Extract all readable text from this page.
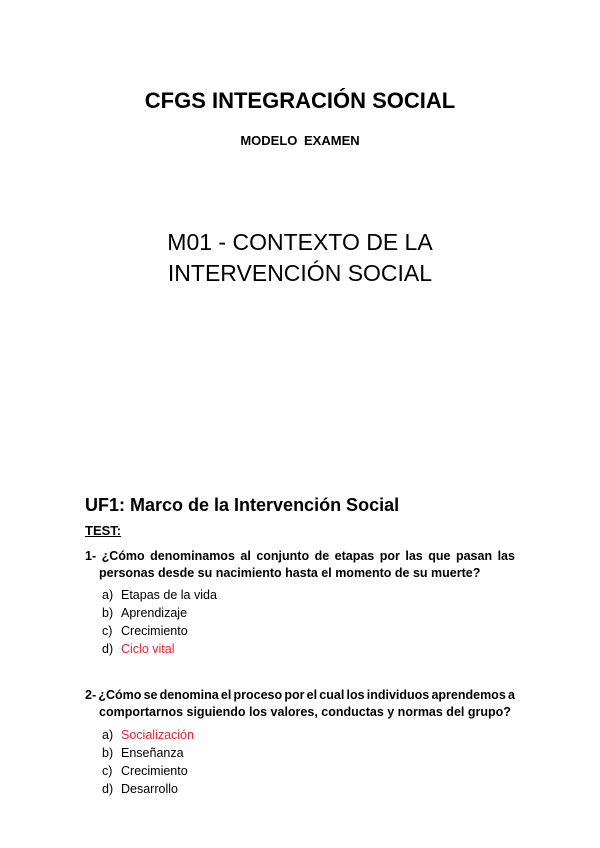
CFGS INTEGRACIÓN SOCIAL
MODELO EXAMEN
M01 - CONTEXTO DE LA
INTERVENCIÓN SOCIAL
UF1: Marco de la Intervención Social
TEST:
1- ¿Cómo denominamos al conjunto de etapas por las que pasan las
personas desde su nacimiento hasta el momento de su muerte?
a) Etapas de la vida
b) Aprendizaje
c) Crecimiento
d) Ciclo vital
2- ¿Cómo se denomina el proceso por el cual los individuos aprendemos a
comportarnos siguiendo los valores, conductas y normas del grupo?
a) Socialización
b) Enseñanza
c) Crecimiento
d) Desarrollo
